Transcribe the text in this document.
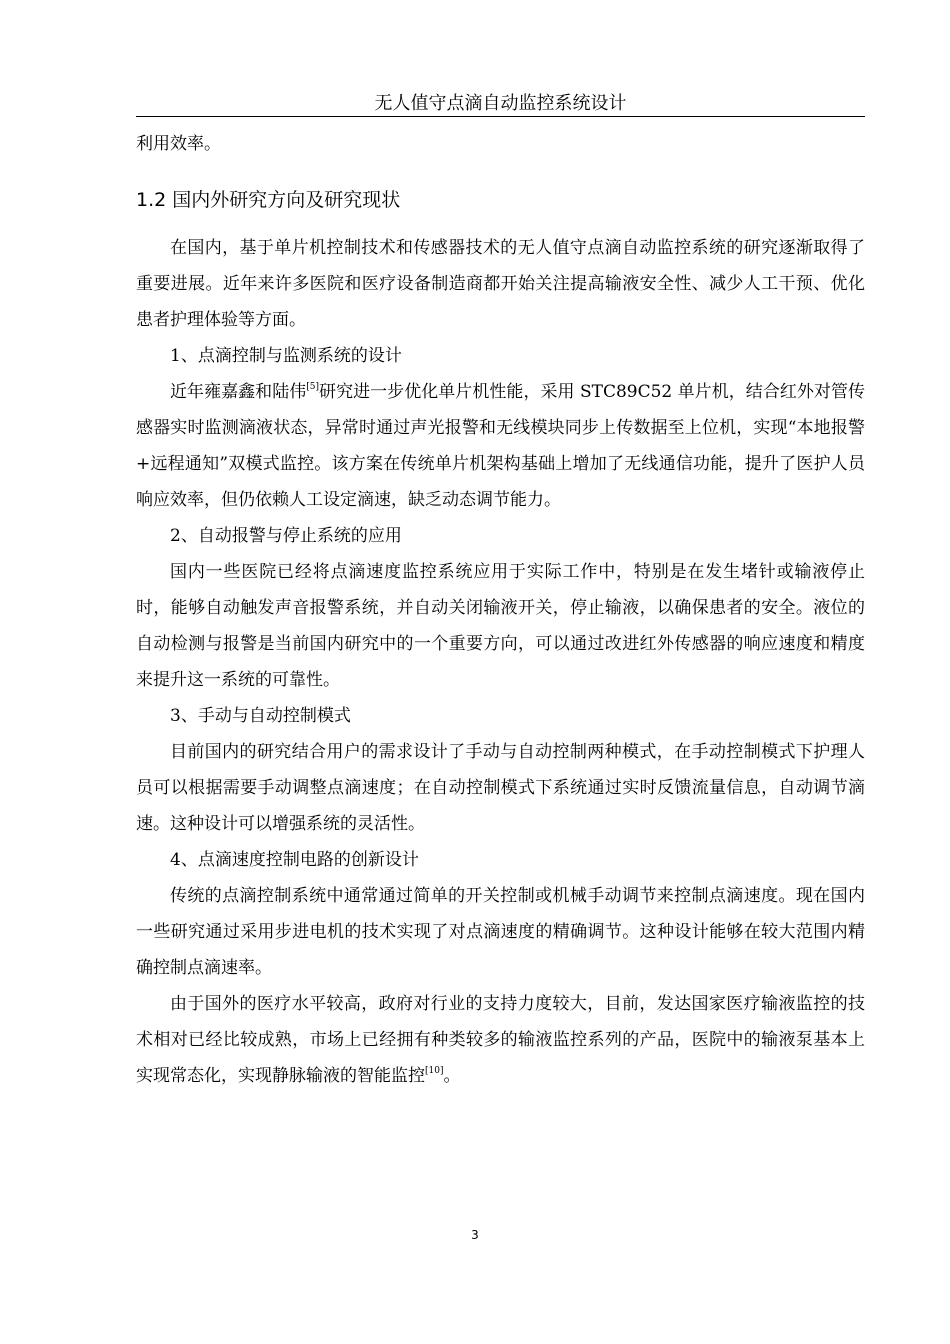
无人值守点滴自动监控系统设计

利用效率。

1.2 国内外研究方向及研究现状

在国内，基于单片机控制技术和传感器技术的无人值守点滴自动监控系统的研究逐渐取得了重要进展。近年来许多医院和医疗设备制造商都开始关注提高输液安全性、减少人工干预、优化患者护理体验等方面。

1、点滴控制与监测系统的设计

近年雍嘉鑫和陆伟[5]研究进一步优化单片机性能，采用 STC89C52 单片机，结合红外对管传感器实时监测滴液状态，异常时通过声光报警和无线模块同步上传数据至上位机，实现“本地报警+远程通知”双模式监控。该方案在传统单片机架构基础上增加了无线通信功能，提升了医护人员响应效率，但仍依赖人工设定滴速，缺乏动态调节能力。

2、自动报警与停止系统的应用

国内一些医院已经将点滴速度监控系统应用于实际工作中，特别是在发生堵针或输液停止时，能够自动触发声音报警系统，并自动关闭输液开关，停止输液，以确保患者的安全。液位的自动检测与报警是当前国内研究中的一个重要方向，可以通过改进红外传感器的响应速度和精度来提升这一系统的可靠性。

3、手动与自动控制模式

目前国内的研究结合用户的需求设计了手动与自动控制两种模式，在手动控制模式下护理人员可以根据需要手动调整点滴速度；在自动控制模式下系统通过实时反馈流量信息，自动调节滴速。这种设计可以增强系统的灵活性。

4、点滴速度控制电路的创新设计

传统的点滴控制系统中通常通过简单的开关控制或机械手动调节来控制点滴速度。现在国内一些研究通过采用步进电机的技术实现了对点滴速度的精确调节。这种设计能够在较大范围内精确控制点滴速率。

由于国外的医疗水平较高，政府对行业的支持力度较大，目前，发达国家医疗输液监控的技术相对已经比较成熟，市场上已经拥有种类较多的输液监控系列的产品，医院中的输液泵基本上实现常态化，实现静脉输液的智能监控[10]。

3
